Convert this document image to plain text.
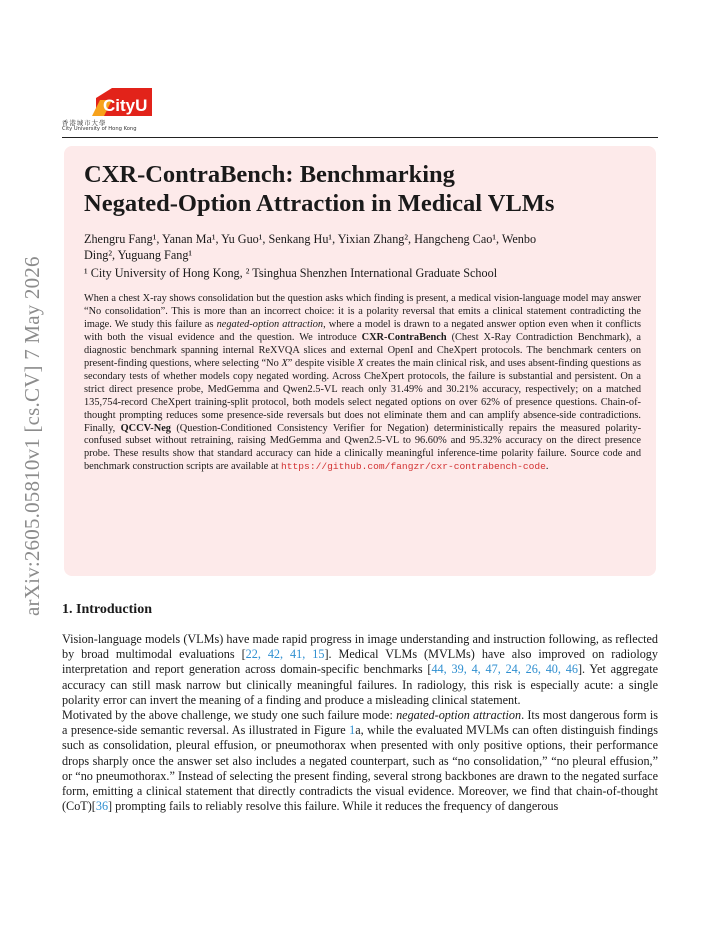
arXiv:2605.05810v1 [cs.CV] 7 May 2026
CityU
香港城市大學
City University of Hong Kong
CXR-ContraBench: Benchmarking
Negated-Option Attraction in Medical VLMs
Zhengru Fang¹, Yanan Ma¹, Yu Guo¹, Senkang Hu¹, Yixian Zhang², Hangcheng Cao¹, Wenbo
Ding², Yuguang Fang¹
¹ City University of Hong Kong, ² Tsinghua Shenzhen International Graduate School

When a chest X-ray shows consolidation but the question asks which finding is present, a medical vision-language model may answer “No consolidation”. This is more than an incorrect choice: it is a polarity reversal that emits a clinical statement contradicting the image. We study this failure as negated-option attraction, where a model is drawn to a negated answer option even when it conflicts with both the visual evidence and the question. We introduce CXR-ContraBench (Chest X-Ray Contradiction Benchmark), a diagnostic benchmark spanning internal ReXVQA slices and external OpenI and CheXpert protocols. The benchmark centers on present-finding questions, where selecting “No X” despite visible X creates the main clinical risk, and uses absent-finding questions as secondary tests of whether models copy negated wording. Across CheXpert protocols, the failure is substantial and persistent. On a strict direct presence probe, MedGemma and Qwen2.5-VL reach only 31.49% and 30.21% accuracy, respectively; on a matched 135,754-record CheXpert training-split protocol, both models select negated options on over 62% of presence questions. Chain-of-thought prompting reduces some presence-side reversals but does not eliminate them and can amplify absence-side contradictions. Finally, QCCV-Neg (Question-Conditioned Consistency Verifier for Negation) deterministically repairs the measured polarity-confused subset without retraining, raising MedGemma and Qwen2.5-VL to 96.60% and 95.32% accuracy on the direct presence probe. These results show that standard accuracy can hide a clinically meaningful inference-time polarity failure. Source code and benchmark construction scripts are available at https://github.com/fangzr/cxr-contrabench-code.

1. Introduction

Vision-language models (VLMs) have made rapid progress in image understanding and instruction following, as reflected by broad multimodal evaluations [22, 42, 41, 15]. Medical VLMs (MVLMs) have also improved on radiology interpretation and report generation across domain-specific benchmarks [44, 39, 4, 47, 24, 26, 40, 46]. Yet aggregate accuracy can still mask narrow but clinically meaningful failures. In radiology, this risk is especially acute: a single polarity error can invert the meaning of a finding and produce a misleading clinical statement.

Motivated by the above challenge, we study one such failure mode: negated-option attraction. Its most dangerous form is a presence-side semantic reversal. As illustrated in Figure 1a, while the evaluated MVLMs can often distinguish findings such as consolidation, pleural effusion, or pneumothorax when presented with only positive options, their performance drops sharply once the answer set also includes a negated counterpart, such as “no consolidation,” “no pleural effusion,” or “no pneumothorax.” Instead of selecting the present finding, several strong backbones are drawn to the negated surface form, emitting a clinical statement that directly contradicts the visual evidence. Moreover, we find that chain-of-thought (CoT)[36] prompting fails to reliably resolve this failure. While it reduces the frequency of dangerous
